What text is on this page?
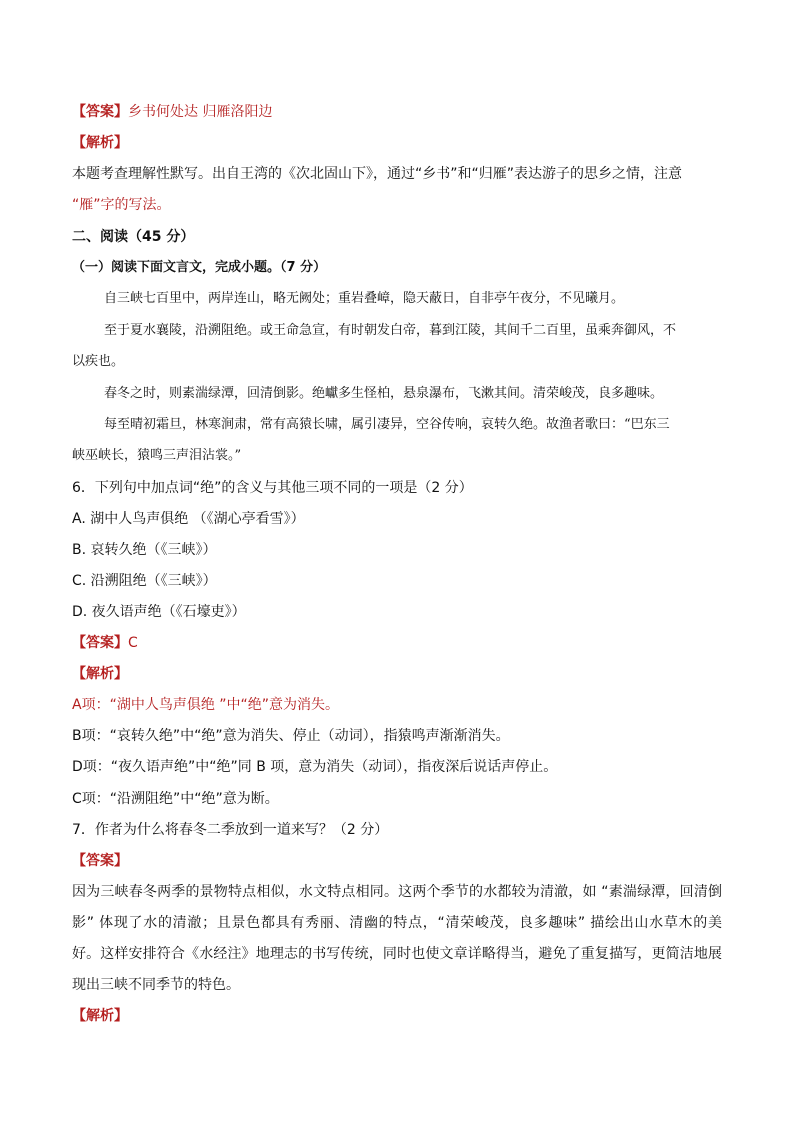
【答案】乡书何处达 归雁洛阳边
【解析】
本题考查理解性默写。出自王湾的《次北固山下》，通过“乡书”和“归雁”表达游子的思乡之情，注意
“雁”字的写法。
二、阅读（45 分）
（一）阅读下面文言文，完成小题。（7 分）
自三峡七百里中，两岸连山，略无阙处；重岩叠嶂，隐天蔽日，自非亭午夜分，不见曦月。
至于夏水襄陵，沿溯阻绝。或王命急宣，有时朝发白帝，暮到江陵，其间千二百里，虽乘奔御风，不
以疾也。
春冬之时，则素湍绿潭，回清倒影。绝巘多生怪柏，悬泉瀑布，飞漱其间。清荣峻茂，良多趣味。
每至晴初霜旦，林寒涧肃，常有高猿长啸，属引凄异，空谷传响，哀转久绝。故渔者歌曰：“巴东三
峡巫峡长，猿鸣三声泪沾裳。”
6．下列句中加点词“绝”的含义与其他三项不同的一项是（2 分）
A. 湖中人鸟声俱绝 （《湖心亭看雪》）
B. 哀转久绝（《三峡》）
C. 沿溯阻绝（《三峡》）
D. 夜久语声绝（《石壕吏》）
【答案】C
【解析】
A项：“湖中人鸟声俱绝 ”中“绝”意为消失。
B项：“哀转久绝”中“绝”意为消失、停止（动词），指猿鸣声渐渐消失。
D项：“夜久语声绝”中“绝”同 B 项，意为消失（动词），指夜深后说话声停止。
C项：“沿溯阻绝”中“绝”意为断。
7．作者为什么将春冬二季放到一道来写？（2 分）
【答案】
因为三峡春冬两季的景物特点相似，水文特点相同。这两个季节的水都较为清澈，如 “素湍绿潭，回清倒
影” 体现了水的清澈；且景色都具有秀丽、清幽的特点，“清荣峻茂，良多趣味” 描绘出山水草木的美
好。这样安排符合《水经注》地理志的书写传统，同时也使文章详略得当，避免了重复描写，更简洁地展
现出三峡不同季节的特色。
【解析】
